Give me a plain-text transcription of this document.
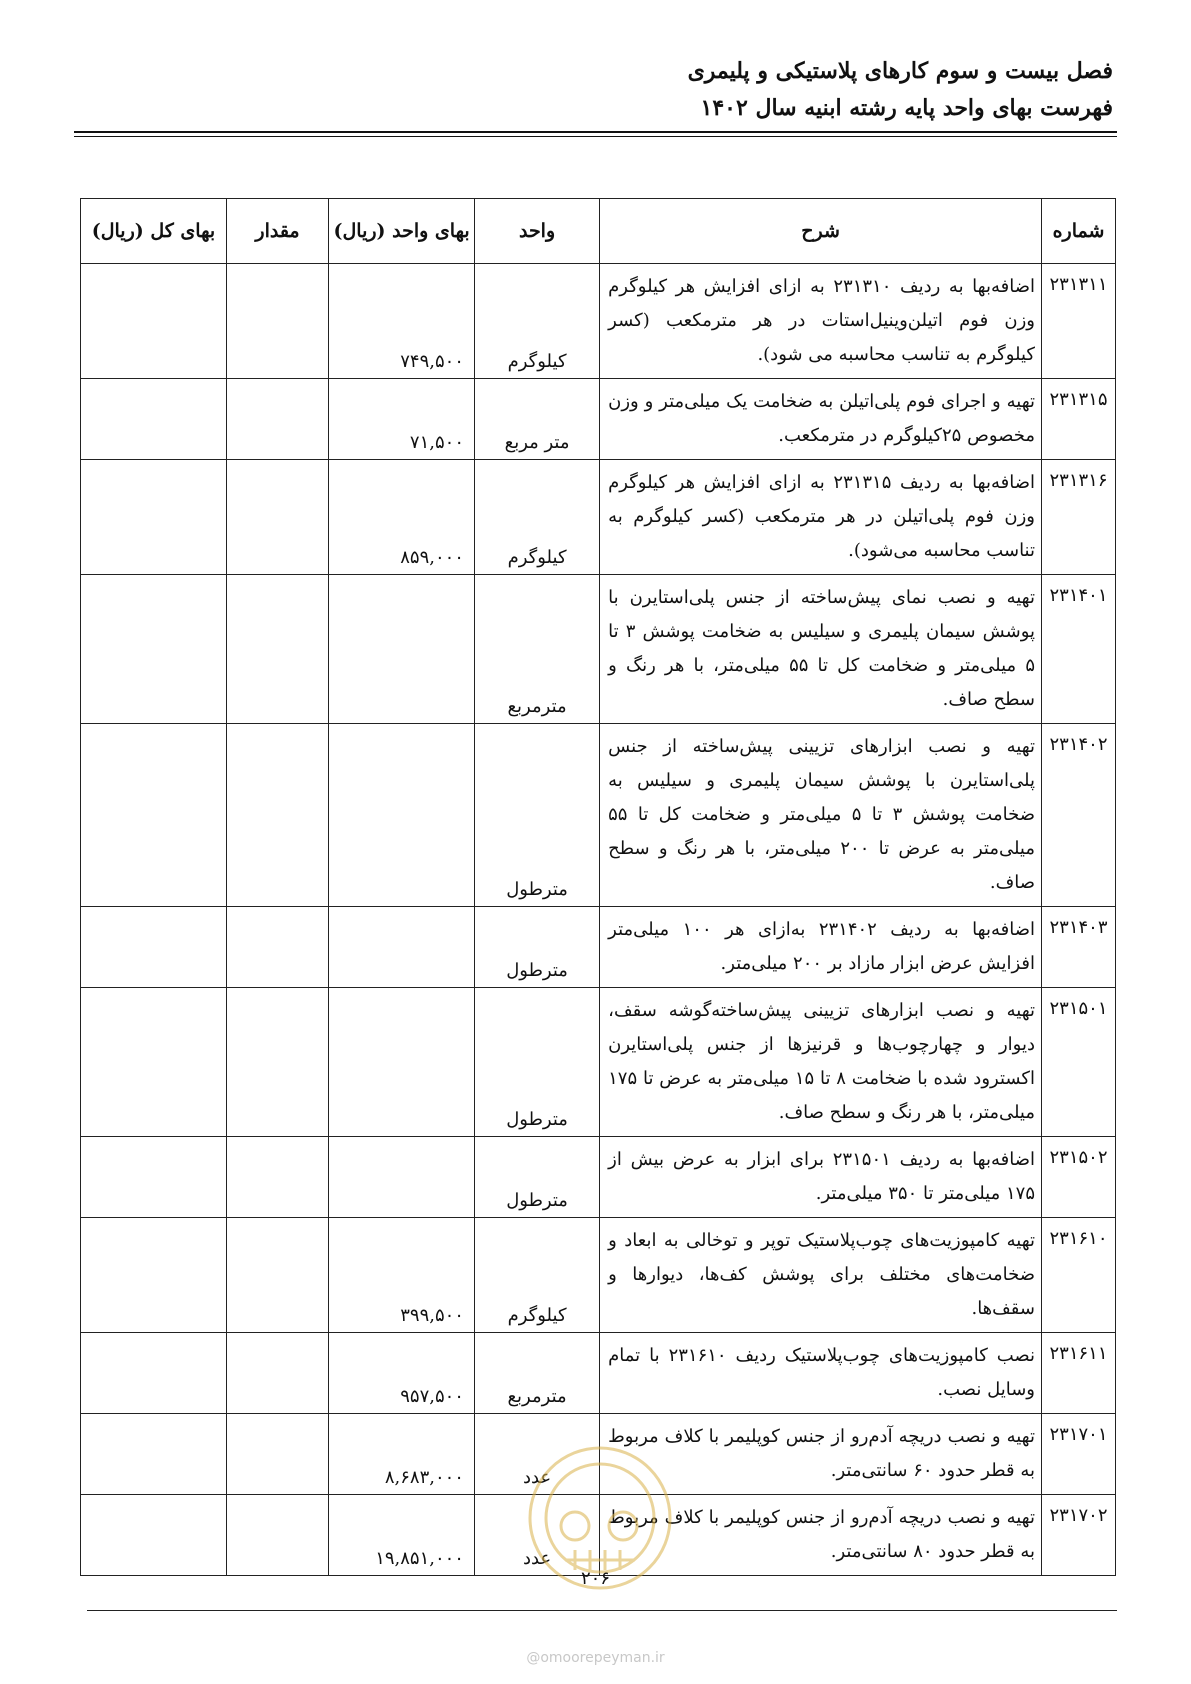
فصل بیست و سوم کارهای پلاستیکی و پلیمری
فهرست بهای واحد پایه رشته ابنیه سال ۱۴۰۲
شماره	شرح	واحد	بهای واحد (ریال)	مقدار	بهای کل (ریال)
۲۳۱۳۱۱	اضافه‌بها به ردیف ۲۳۱۳۱۰ به ازای افزایش هر کیلوگرم وزن فوم اتیلن‌وینیل‌استات در هر مترمکعب (کسر کیلوگرم به تناسب محاسبه می شود).	کیلوگرم	۷۴۹,۵۰۰		
۲۳۱۳۱۵	تهیه و اجرای فوم پلی‌اتیلن به ضخامت یک میلی‌متر و وزن مخصوص ۲۵کیلوگرم در مترمکعب.	متر مربع	۷۱,۵۰۰		
۲۳۱۳۱۶	اضافه‌بها به ردیف ۲۳۱۳۱۵ به ازای افزایش هر کیلوگرم وزن فوم پلی‌اتیلن در هر مترمکعب (کسر کیلوگرم به تناسب محاسبه می‌شود).	کیلوگرم	۸۵۹,۰۰۰		
۲۳۱۴۰۱	تهیه و نصب نمای پیش‌ساخته از جنس پلی‌استایرن با پوشش سیمان پلیمری و سیلیس به ضخامت پوشش ۳ تا ۵ میلی‌متر و ضخامت کل تا ۵۵ میلی‌متر، با هر رنگ و سطح صاف.	مترمربع			
۲۳۱۴۰۲	تهیه و نصب ابزارهای تزیینی پیش‌ساخته از جنس پلی‌استایرن با پوشش سیمان پلیمری و سیلیس به ضخامت پوشش ۳ تا ۵ میلی‌متر و ضخامت کل تا ۵۵ میلی‌متر به عرض تا ۲۰۰ میلی‌متر، با هر رنگ و سطح صاف.	مترطول			
۲۳۱۴۰۳	اضافه‌بها به ردیف ۲۳۱۴۰۲ به‌ازای هر ۱۰۰ میلی‌متر افزایش عرض ابزار مازاد بر ۲۰۰ میلی‌متر.	مترطول			
۲۳۱۵۰۱	تهیه و نصب ابزارهای تزیینی پیش‌ساخته‌گوشه سقف، دیوار و چهارچوب‌ها و قرنیزها از جنس پلی‌استایرن اکسترود شده با ضخامت ۸ تا ۱۵ میلی‌متر به عرض تا ۱۷۵ میلی‌متر، با هر رنگ و سطح صاف.	مترطول			
۲۳۱۵۰۲	اضافه‌بها به ردیف ۲۳۱۵۰۱ برای ابزار به عرض بیش از ۱۷۵ میلی‌متر تا ۳۵۰ میلی‌متر.	مترطول			
۲۳۱۶۱۰	تهیه کامپوزیت‌های چوب‌پلاستیک توپر و توخالی به ابعاد و ضخامت‌های مختلف برای پوشش کف‌ها، دیوارها و سقف‌ها.	کیلوگرم	۳۹۹,۵۰۰		
۲۳۱۶۱۱	نصب کامپوزیت‌های چوب‌پلاستیک ردیف ۲۳۱۶۱۰ با تمام وسایل نصب.	مترمربع	۹۵۷,۵۰۰		
۲۳۱۷۰۱	تهیه و نصب دریچه آدم‌رو از جنس کوپلیمر با کلاف مربوط به قطر حدود ۶۰ سانتی‌متر.	عدد	۸,۶۸۳,۰۰۰		
۲۳۱۷۰۲	تهیه و نصب دریچه آدم‌رو از جنس کوپلیمر با کلاف مربوط به قطر حدود ۸۰ سانتی‌متر.	عدد	۱۹,۸۵۱,۰۰۰		
۲۰۶
@omoorepeyman.ir
